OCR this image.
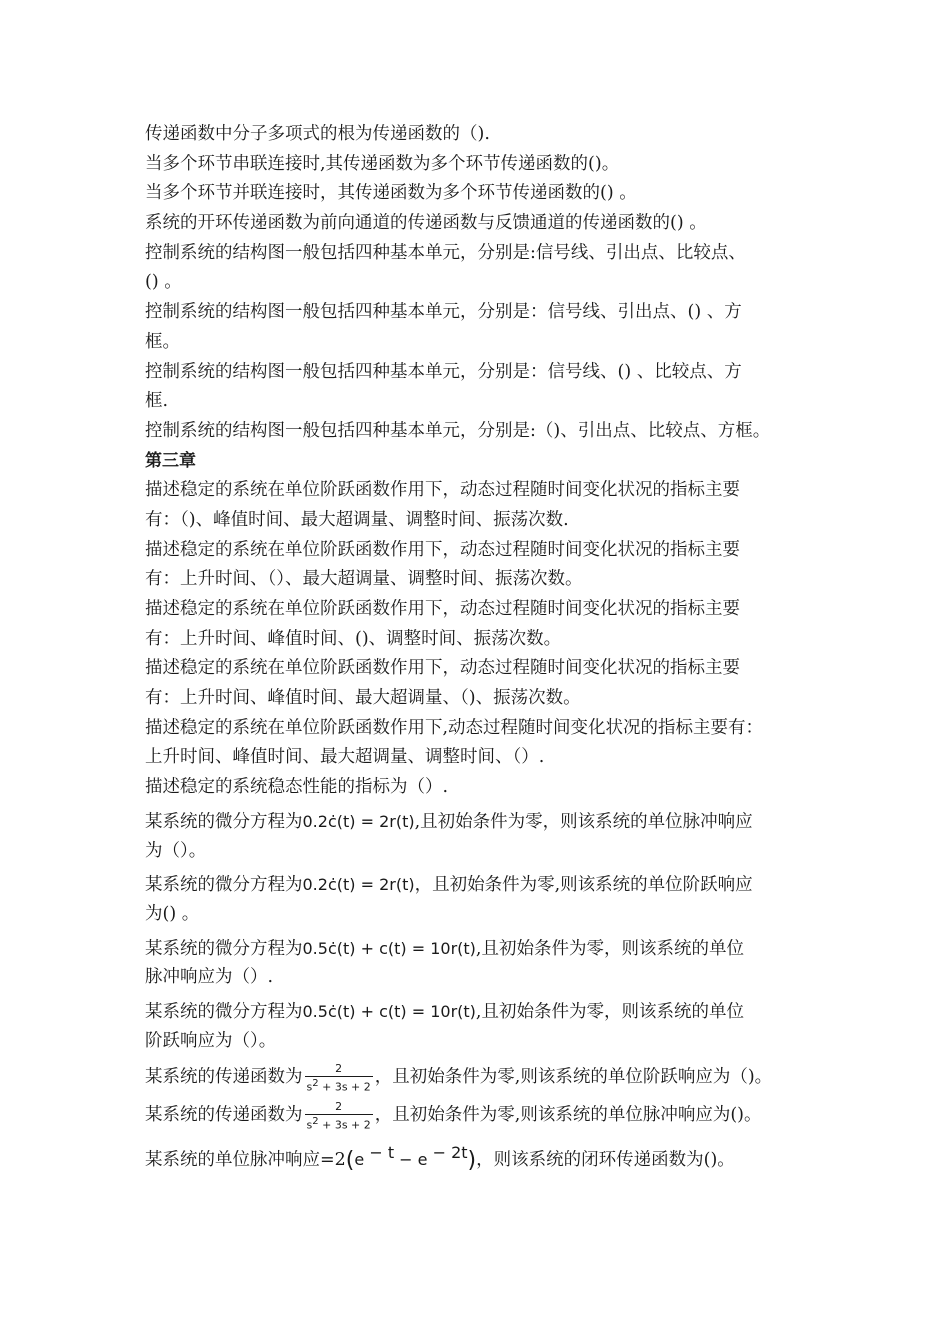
传递函数中分子多项式的根为传递函数的（).
当多个环节串联连接时,其传递函数为多个环节传递函数的()。
当多个环节并联连接时，其传递函数为多个环节传递函数的() 。
系统的开环传递函数为前向通道的传递函数与反馈通道的传递函数的() 。
控制系统的结构图一般包括四种基本单元，分别是:信号线、引出点、比较点、
() 。
控制系统的结构图一般包括四种基本单元，分别是：信号线、引出点、() 、方
框。
控制系统的结构图一般包括四种基本单元，分别是：信号线、() 、比较点、方
框.
控制系统的结构图一般包括四种基本单元，分别是:（)、引出点、比较点、方框。
第三章
描述稳定的系统在单位阶跃函数作用下，动态过程随时间变化状况的指标主要
有：（)、峰值时间、最大超调量、调整时间、振荡次数.
描述稳定的系统在单位阶跃函数作用下，动态过程随时间变化状况的指标主要
有：上升时间、（）、最大超调量、调整时间、振荡次数。
描述稳定的系统在单位阶跃函数作用下，动态过程随时间变化状况的指标主要
有：上升时间、峰值时间、()、调整时间、振荡次数。
描述稳定的系统在单位阶跃函数作用下，动态过程随时间变化状况的指标主要
有：上升时间、峰值时间、最大超调量、（)、振荡次数。
描述稳定的系统在单位阶跃函数作用下,动态过程随时间变化状况的指标主要有：
上升时间、峰值时间、最大超调量、调整时间、（）.
描述稳定的系统稳态性能的指标为（）.
某系统的微分方程为0.2ċ(t) = 2r(t),且初始条件为零，则该系统的单位脉冲响应
为（）。
某系统的微分方程为0.2ċ(t) = 2r(t)，且初始条件为零,则该系统的单位阶跃响应
为() 。
某系统的微分方程为0.5ċ(t) + c(t) = 10r(t),且初始条件为零，则该系统的单位
脉冲响应为（）.
某系统的微分方程为0.5ċ(t) + c(t) = 10r(t),且初始条件为零，则该系统的单位
阶跃响应为（）。
某系统的传递函数为 $\frac{2}{s^2 + 3s + 2}$ ，且初始条件为零,则该系统的单位阶跃响应为（)。
某系统的传递函数为 $\frac{2}{s^2 + 3s + 2}$ ，且初始条件为零,则该系统的单位脉冲响应为()。
某系统的单位脉冲响应=2(e $^{- t}$ − e $^{- 2t}$)，则该系统的闭环传递函数为()。
